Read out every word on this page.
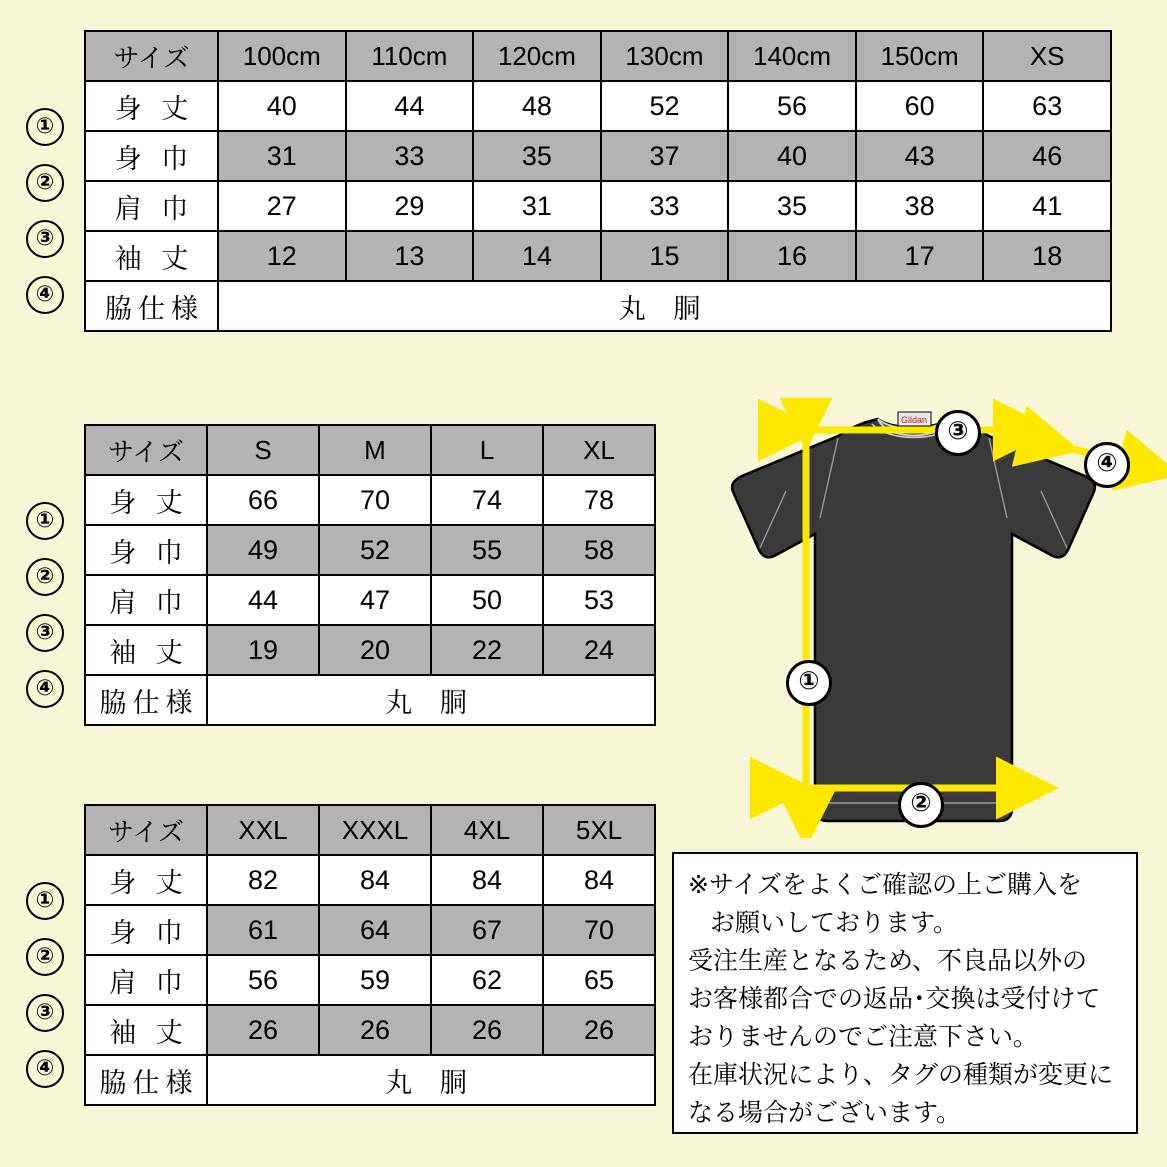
①
②
③
④
サイズ	100cm	110cm	120cm	130cm	140cm	150cm	XS
身 丈	40	44	48	52	56	60	63
身 巾	31	33	35	37	40	43	46
肩 巾	27	29	31	33	35	38	41
袖 丈	12	13	14	15	16	17	18
脇仕様	丸 胴						
①
②
③
④
サイズ	S	M	L	XL
身 丈	66	70	74	78
身 巾	49	52	55	58
肩 巾	44	47	50	53
袖 丈	19	20	22	24
脇仕様	丸 胴			
①
②
③
④
サイズ	XXL	XXXL	4XL	5XL
身 丈	82	84	84	84
身 巾	61	64	67	70
肩 巾	56	59	62	65
袖 丈	26	26	26	26
脇仕様	丸 胴			
Gildan ③
④
①
②

※サイズをよくご確認の上ご購入を

お願いしております。

受注生産となるため、不良品以外の

お客様都合での返品･交換は受付けて

おりませんのでご注意下さい。

在庫状況により、タグの種類が変更に

なる場合がございます。
